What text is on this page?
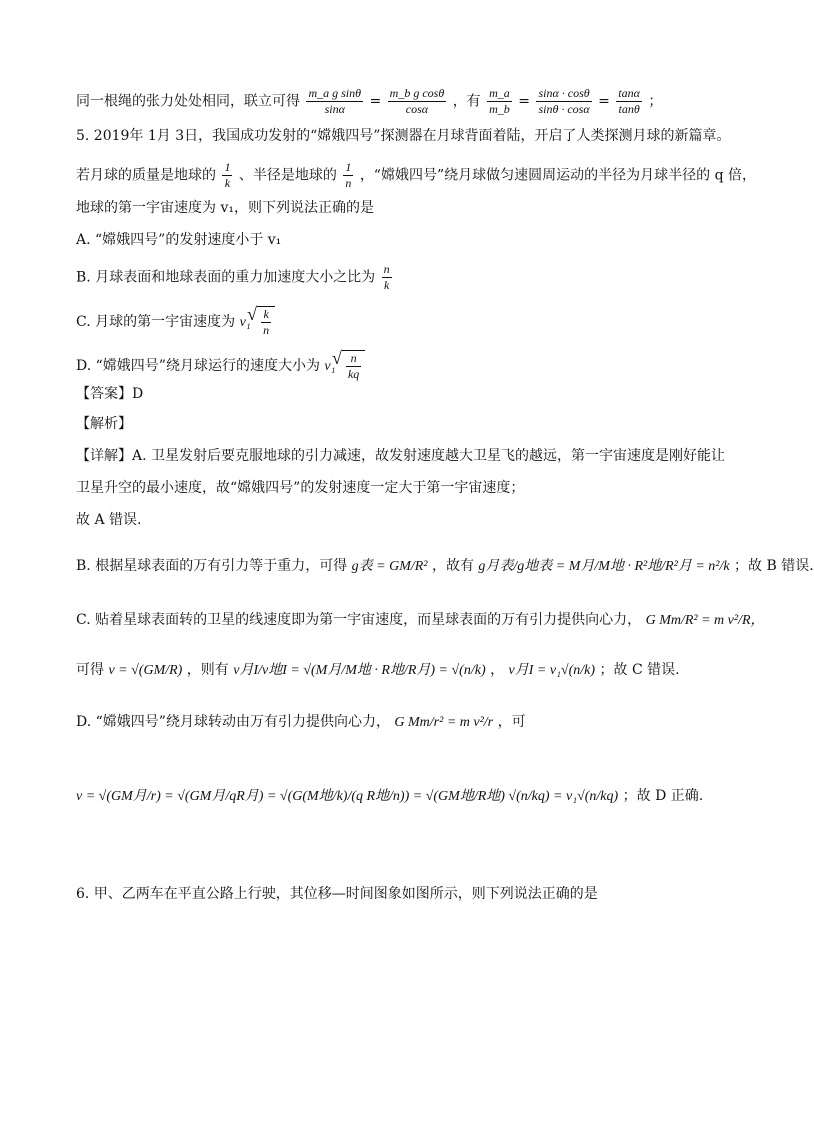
同一根绳的张力处处相同，联立可得 $\frac{\text{m\_a g sinθ}}{\sin\alpha} = \frac{\text{m\_b g cosθ}}{\cos\alpha}$ ，有 $\frac{m\_a}{m\_b} = \frac{\sin\alpha \cdot \cos\theta}{\sin\theta \cdot \cos\alpha} = \frac{\tan\alpha}{\tan\theta}$ ；
5. 2019年 1月 3日，我国成功发射的“嫦娥四号”探测器在月球背面着陆，开启了人类探测月球的新篇章。
若月球的质量是地球的 $\frac{1}{k}$ 、半径是地球的 $\frac{1}{n}$ ，“嫦娥四号”绕月球做匀速圆周运动的半径为月球半径的 q 倍，
地球的第一宇宙速度为 v₁，则下列说法正确的是
A. “嫦娥四号”的发射速度小于 v₁
B. 月球表面和地球表面的重力加速度大小之比为 $\frac{n}{k}$
C. 月球的第一宇宙速度为 v₁ √ $\frac{k}{n}$
D. “嫦娥四号”绕月球运行的速度大小为 v₁ √ $\frac{n}{kq}$
【答案】D
【解析】
【详解】A. 卫星发射后要克服地球的引力减速，故发射速度越大卫星飞的越远，第一宇宙速度是刚好能让
卫星升空的最小速度，故“嫦娥四号”的发射速度一定大于第一宇宙速度；
故 A 错误.
B. 根据星球表面的万有引力等于重力，可得 g表 = GM/R² ，故有 g月表/g地表 = M月/M地 · R²地/R²月 = n²/k ；故 B 错误.
C. 贴着星球表面转的卫星的线速度即为第一宇宙速度，而星球表面的万有引力提供向心力， G Mm/R² = m v²/R，
可得 v = √(GM/R) ，则有 v月I/v地I = √(M月/M地 · R地/R月) = √(n/k) ， v月I = v₁√(n/k) ；故 C 错误.
D. “嫦娥四号”绕月球转动由万有引力提供向心力， G Mm/r² = m v²/r ，可
v = √(GM月/r) = √(GM月/qR月) = √(G(M地/k)/(q R地/n)) = √(GM地/R地) √(n/kq) = v₁√(n/kq) ；故 D 正确.
6. 甲、乙两车在平直公路上行驶，其位移—时间图象如图所示，则下列说法正确的是
